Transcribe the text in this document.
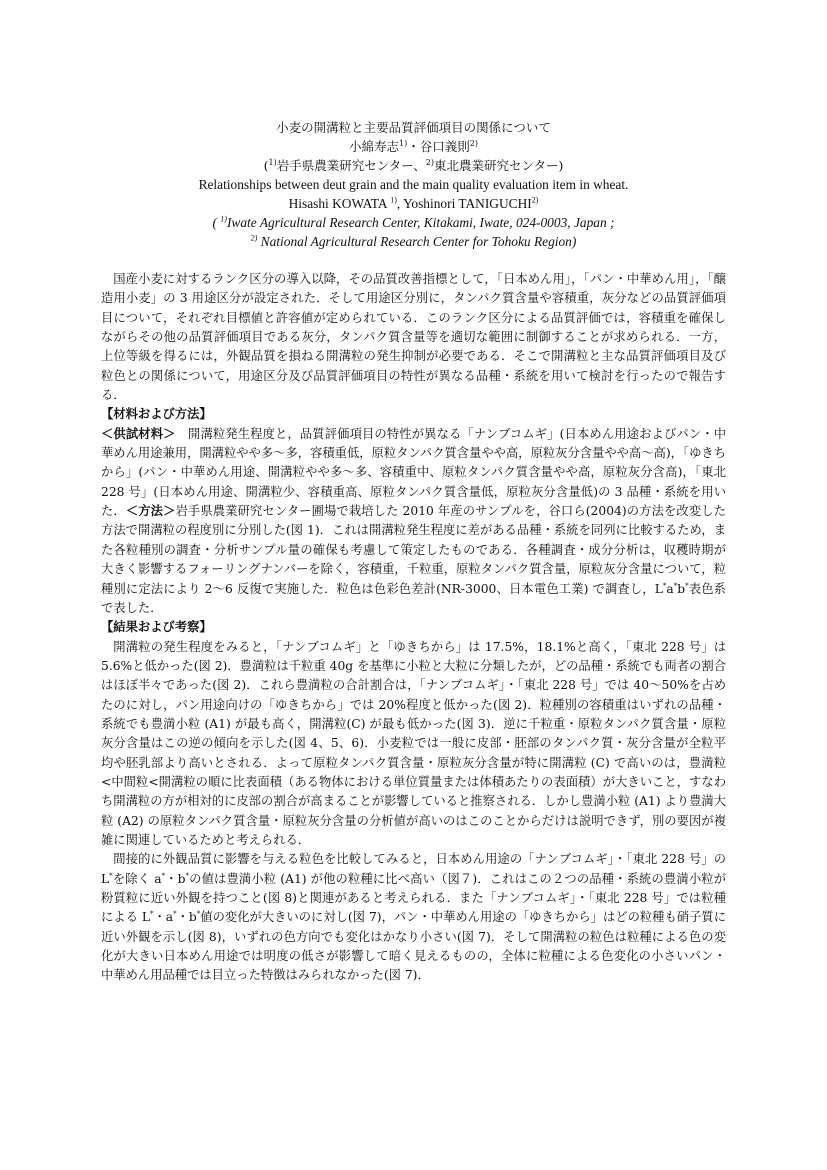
小麦の開溝粒と主要品質評価項目の関係について
小綿寿志$^{1)}$・谷口義則$^{2)}$
($^{1)}$岩手県農業研究センター、$^{2)}$東北農業研究センター)
Relationships between deut grain and the main quality evaluation item in wheat.
Hisashi KOWATA $^{1)}$, Yoshinori TANIGUCHI$^{2)}$
( $^{1)}$Iwate Agricultural Research Center, Kitakami, Iwate, 024-0003, Japan ;
$^{2)}$ National Agricultural Research Center for Tohoku Region)

国産小麦に対するランク区分の導入以降，その品質改善指標として，「日本めん用」，「パン・中華めん用」，「醸造用小麦」の 3 用途区分が設定された．そして用途区分別に，タンパク質含量や容積重，灰分などの品質評価項目について，それぞれ目標値と許容値が定められている．このランク区分による品質評価では，容積重を確保しながらその他の品質評価項目である灰分，タンパク質含量等を適切な範囲に制御することが求められる．一方，上位等級を得るには，外観品質を損ねる開溝粒の発生抑制が必要である．そこで開溝粒と主な品質評価項目及び粒色との関係について，用途区分及び品質評価項目の特性が異なる品種・系統を用いて検討を行ったので報告する．

【材料および方法】

＜供試材料＞　開溝粒発生程度と，品質評価項目の特性が異なる「ナンブコムギ」(日本めん用途およびパン・中華めん用途兼用，開溝粒やや多〜多，容積重低，原粒タンパク質含量やや高，原粒灰分含量やや高〜高)，「ゆきちから」(パン・中華めん用途、開溝粒やや多〜多、容積重中、原粒タンパク質含量やや高，原粒灰分含高)，「東北 228 号」(日本めん用途、開溝粒少、容積重高、原粒タンパク質含量低，原粒灰分含量低)の 3 品種・系統を用いた．＜方法＞岩手県農業研究センター圃場で栽培した 2010 年産のサンプルを，谷口ら(2004)の方法を改変した方法で開溝粒の程度別に分別した(図 1)．これは開溝粒発生程度に差がある品種・系統を同列に比較するため，また各粒種別の調査・分析サンプル量の確保も考慮して策定したものである．各種調査・成分分析は，収穫時期が大きく影響するフォーリングナンバーを除く，容積重，千粒重，原粒タンパク質含量，原粒灰分含量について，粒種別に定法により 2〜6 反復で実施した．粒色は色彩色差計(NR-3000、日本電色工業) で調査し，L*a*b*表色系で表した．

【結果および考察】

開溝粒の発生程度をみると，「ナンブコムギ」と「ゆきちから」は 17.5%，18.1%と高く，「東北 228 号」は 5.6%と低かった(図 2)．豊満粒は千粒重 40g を基準に小粒と大粒に分類したが，どの品種・系統でも両者の割合はほぼ半々であった(図 2)．これら豊満粒の合計割合は，「ナンブコムギ」・「東北 228 号」では 40〜50%を占めたのに対し，パン用途向けの「ゆきちから」では 20%程度と低かった(図 2)．粒種別の容積重はいずれの品種・系統でも豊満小粒 (A1) が最も高く，開溝粒(C) が最も低かった(図 3)．逆に千粒重・原粒タンパク質含量・原粒灰分含量はこの逆の傾向を示した(図 4、5、6)．小麦粒では一般に皮部・胚部のタンパク質・灰分含量が全粒平均や胚乳部より高いとされる．よって原粒タンパク質含量・原粒灰分含量が特に開溝粒 (C) で高いのは，豊満粒<中間粒<開溝粒の順に比表面積（ある物体における単位質量または体積あたりの表面積）が大きいこと，すなわち開溝粒の方が相対的に皮部の割合が高まることが影響していると推察される．しかし豊満小粒 (A1) より豊満大粒 (A2) の原粒タンパク質含量・原粒灰分含量の分析値が高いのはこのことからだけは説明できず，別の要因が複雑に関連しているためと考えられる．

間接的に外観品質に影響を与える粒色を比較してみると，日本めん用途の「ナンブコムギ」・「東北 228 号」の L*を除く a*・b*の値は豊満小粒 (A1) が他の粒種に比べ高い（図７)．これはこの２つの品種・系統の豊満小粒が粉質粒に近い外観を持つこと(図 8)と関連があると考えられる．また「ナンブコムギ」・「東北 228 号」では粒種による L*・a*・b*値の変化が大きいのに対し(図 7)，パン・中華めん用途の「ゆきちから」はどの粒種も硝子質に近い外観を示し(図 8)，いずれの色方向でも変化はかなり小さい(図 7)．そして開溝粒の粒色は粒種による色の変化が大きい日本めん用途では明度の低さが影響して暗く見えるものの，全体に粒種による色変化の小さいパン・中華めん用品種では目立った特徴はみられなかった(図 7)．
